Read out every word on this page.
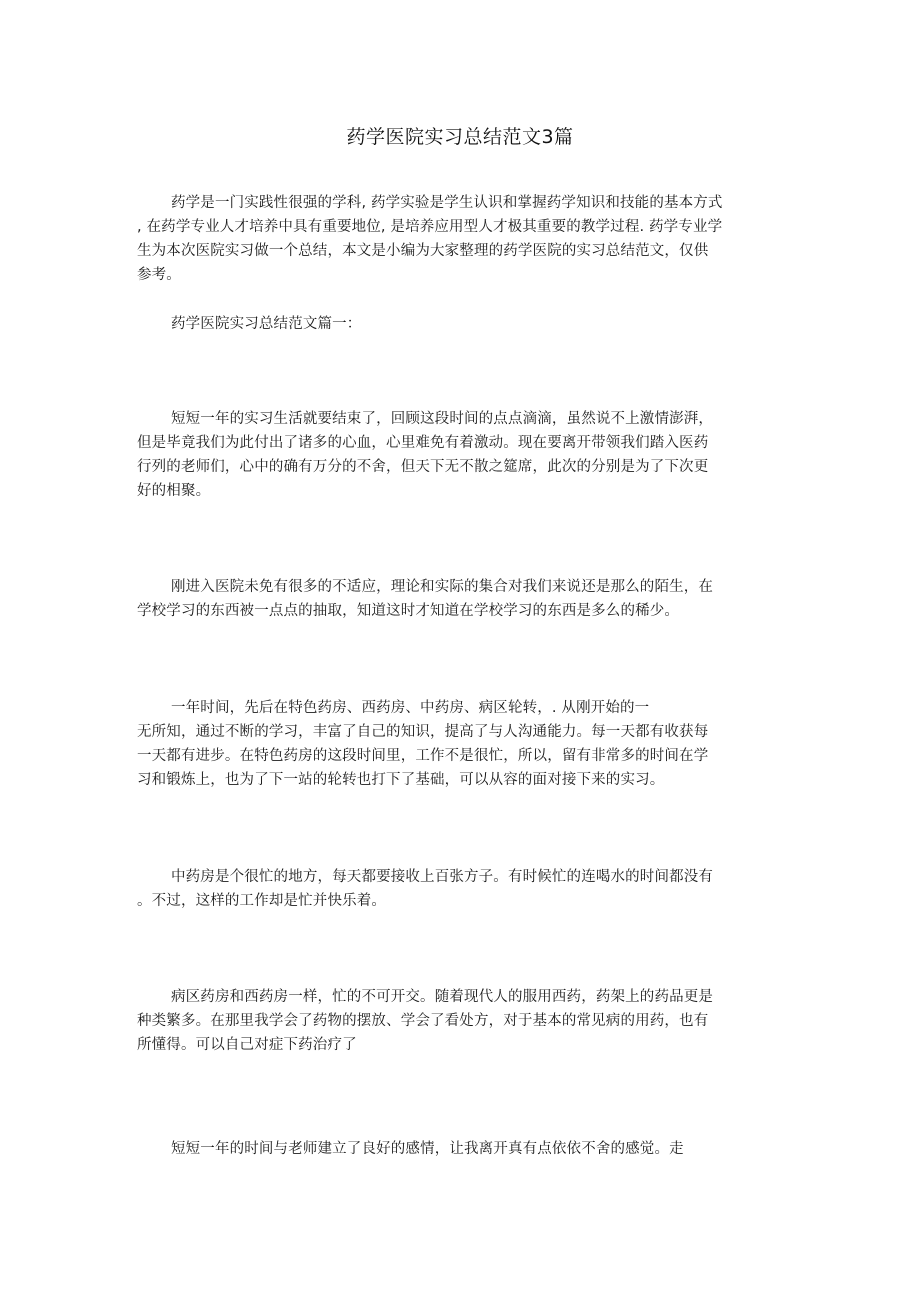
药学医院实习总结范文3篇
药学是一门实践性很强的学科, 药学实验是学生认识和掌握药学知识和技能的基本方式
, 在药学专业人才培养中具有重要地位, 是培养应用型人才极其重要的教学过程. 药学专业学
生为本次医院实习做一个总结，本文是小编为大家整理的药学医院的实习总结范文，仅供
参考。
药学医院实习总结范文篇一：
短短一年的实习生活就要结束了，回顾这段时间的点点滴滴，虽然说不上激情澎湃，
但是毕竟我们为此付出了诸多的心血，心里难免有着激动。现在要离开带领我们踏入医药
行列的老师们，心中的确有万分的不舍，但天下无不散之筵席，此次的分别是为了下次更
好的相聚。
刚进入医院未免有很多的不适应，理论和实际的集合对我们来说还是那么的陌生，在
学校学习的东西被一点点的抽取，知道这时才知道在学校学习的东西是多么的稀少。
一年时间，先后在特色药房、西药房、中药房、病区轮转，. 从刚开始的一
无所知，通过不断的学习，丰富了自己的知识，提高了与人沟通能力。每一天都有收获每
一天都有进步。在特色药房的这段时间里，工作不是很忙，所以，留有非常多的时间在学
习和锻炼上，也为了下一站的轮转也打下了基础，可以从容的面对接下来的实习。
中药房是个很忙的地方，每天都要接收上百张方子。有时候忙的连喝水的时间都没有
。不过，这样的工作却是忙并快乐着。
病区药房和西药房一样，忙的不可开交。随着现代人的服用西药，药架上的药品更是
种类繁多。在那里我学会了药物的摆放、学会了看处方，对于基本的常见病的用药，也有
所懂得。可以自己对症下药治疗了
短短一年的时间与老师建立了良好的感情，让我离开真有点依依不舍的感觉。走
